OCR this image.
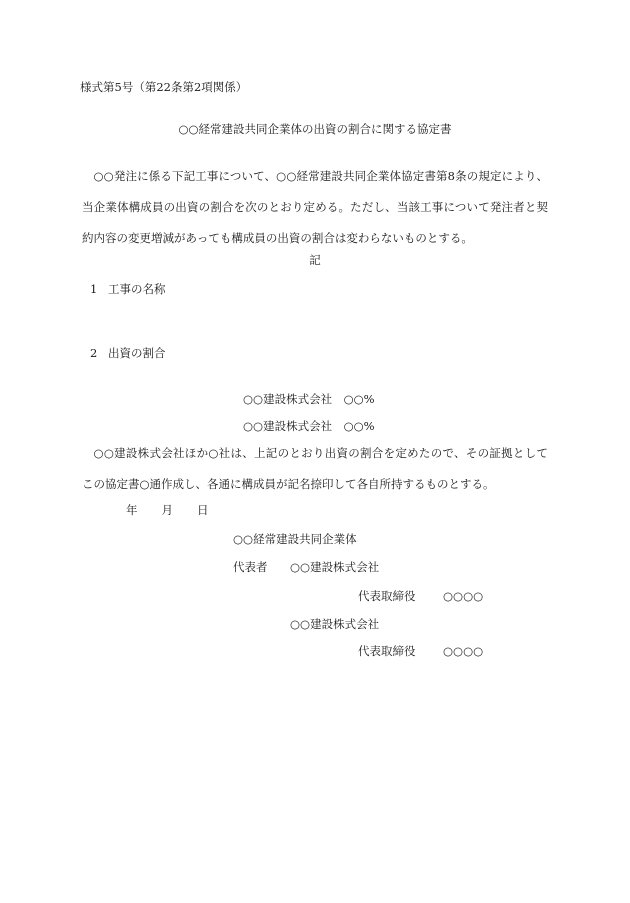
様式第5号（第22条第2項関係）
○○経常建設共同企業体の出資の割合に関する協定書
○○発注に係る下記工事について、○○経常建設共同企業体協定書第8条の規定により、当企業体構成員の出資の割合を次のとおり定める。ただし、当該工事について発注者と契約内容の変更増減があっても構成員の出資の割合は変わらないものとする。
記
1 工事の名称
2 出資の割合
○○建設株式会社　○○%
○○建設株式会社　○○%
○○建設株式会社ほか○社は、上記のとおり出資の割合を定めたので、その証拠としてこの協定書○通作成し、各通に構成員が記名捺印して各自所持するものとする。
年 月 日
○○経常建設共同企業体
代表者 ○○建設株式会社
代表取締役 ○○○○
○○建設株式会社
代表取締役 ○○○○
